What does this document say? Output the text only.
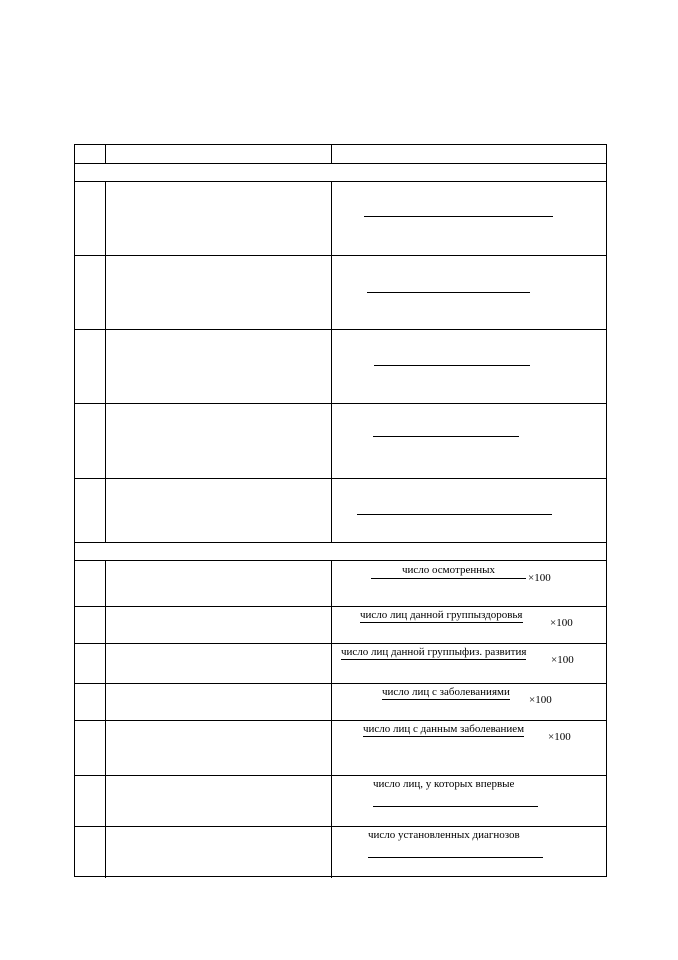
число осмотренных
×100
число лиц данной группыздоровья
×100
число лиц данной группыфиз. развития
×100
число лиц с заболеваниями
×100
число лиц с данным заболеванием
×100
число лиц, у которых впервые
число установленных диагнозов
